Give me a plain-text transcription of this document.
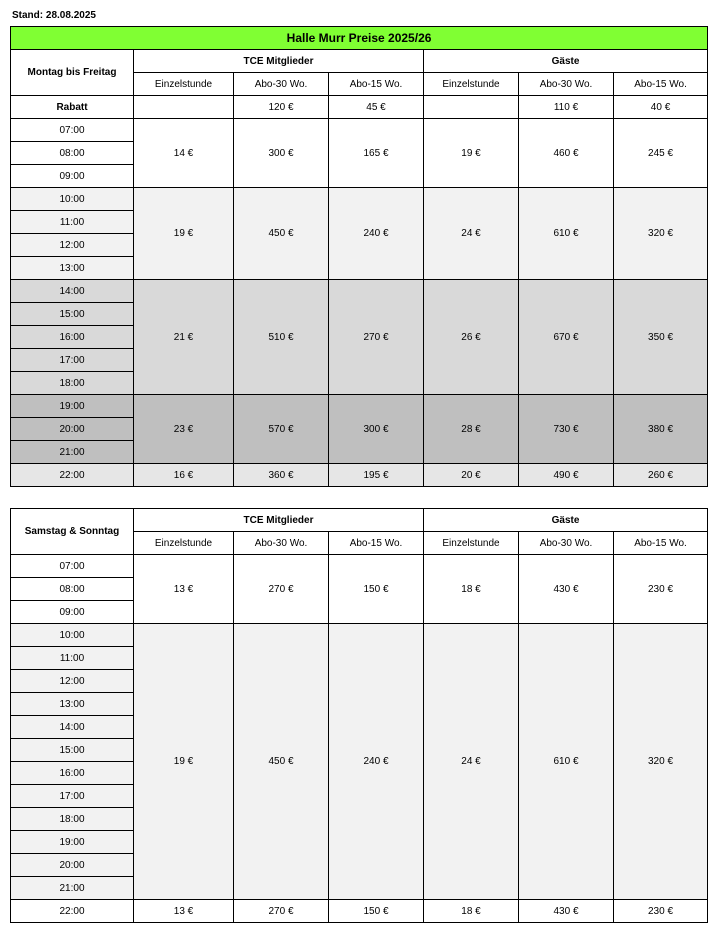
Stand: 28.08.2025
Halle Murr Preise 2025/26						
Montag bis Freitag	TCE Mitglieder			Gäste		
	Einzelstunde	Abo-30 Wo.	Abo-15 Wo.	Einzelstunde	Abo-30 Wo.	Abo-15 Wo.
Rabatt		120 €	45 €		110 €	40 €
07:00	14 €	300 €	165 €	19 €	460 €	245 €
08:00						
09:00						
10:00	19 €	450 €	240 €	24 €	610 €	320 €
11:00						
12:00						
13:00						
14:00	21 €	510 €	270 €	26 €	670 €	350 €
15:00						
16:00						
17:00						
18:00						
19:00	23 €	570 €	300 €	28 €	730 €	380 €
20:00						
21:00						
22:00	16 €	360 €	195 €	20 €	490 €	260 €
Samstag & Sonntag	TCE Mitglieder			Gäste		
	Einzelstunde	Abo-30 Wo.	Abo-15 Wo.	Einzelstunde	Abo-30 Wo.	Abo-15 Wo.
07:00	13 €	270 €	150 €	18 €	430 €	230 €
08:00						
09:00						
10:00	19 €	450 €	240 €	24 €	610 €	320 €
11:00						
12:00						
13:00						
14:00						
15:00						
16:00						
17:00						
18:00						
19:00						
20:00						
21:00						
22:00	13 €	270 €	150 €	18 €	430 €	230 €
